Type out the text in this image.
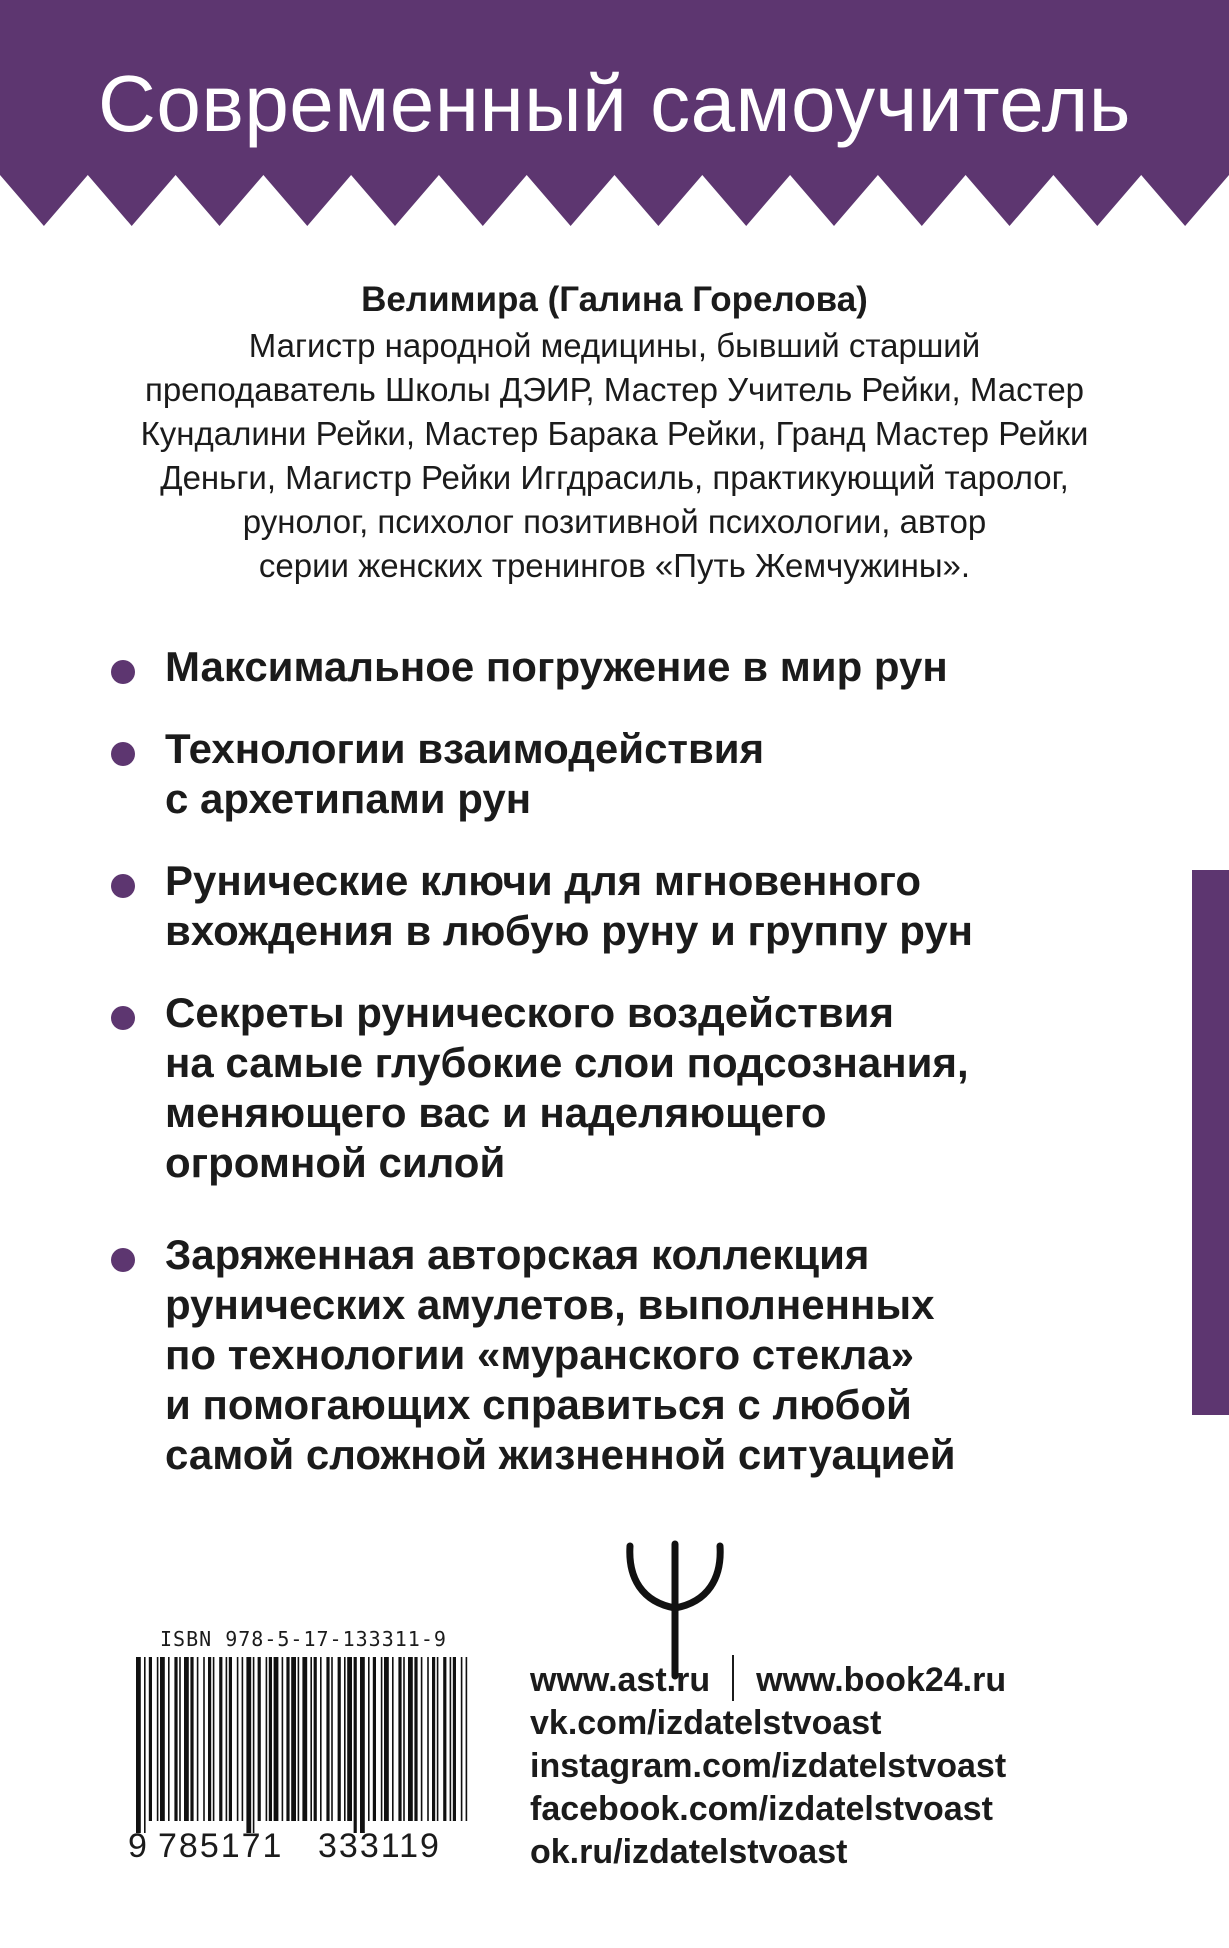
Современный самоучитель
Велимира (Галина Горелова)

Магистр народной медицины, бывший старший
преподаватель Школы ДЭИР, Мастер Учитель Рейки, Мастер
Кундалини Рейки, Мастер Барака Рейки, Гранд Мастер Рейки
Деньги, Магистр Рейки Иггдрасиль, практикующий таролог,
рунолог, психолог позитивной психологии, автор
серии женских тренингов «Путь Жемчужины».

Максимальное погружение в мир рун
Технологии взаимодействия
с архетипами рун
Рунические ключи для мгновенного
вхождения в любую руну и группу рун
Секреты рунического воздействия
на самые глубокие слои подсознания,
меняющего вас и наделяющего
огромной силой
Заряженная авторская коллекция
рунических амулетов, выполненных
по технологии «муранского стекла»
и помогающих справиться с любой
самой сложной жизненной ситуацией
ISBN 978-5-17-133311-9
9 785171 333119
www.ast.ru www.book24.ru
vk.com/izdatelstvoast
instagram.com/izdatelstvoast
facebook.com/izdatelstvoast
ok.ru/izdatelstvoast
